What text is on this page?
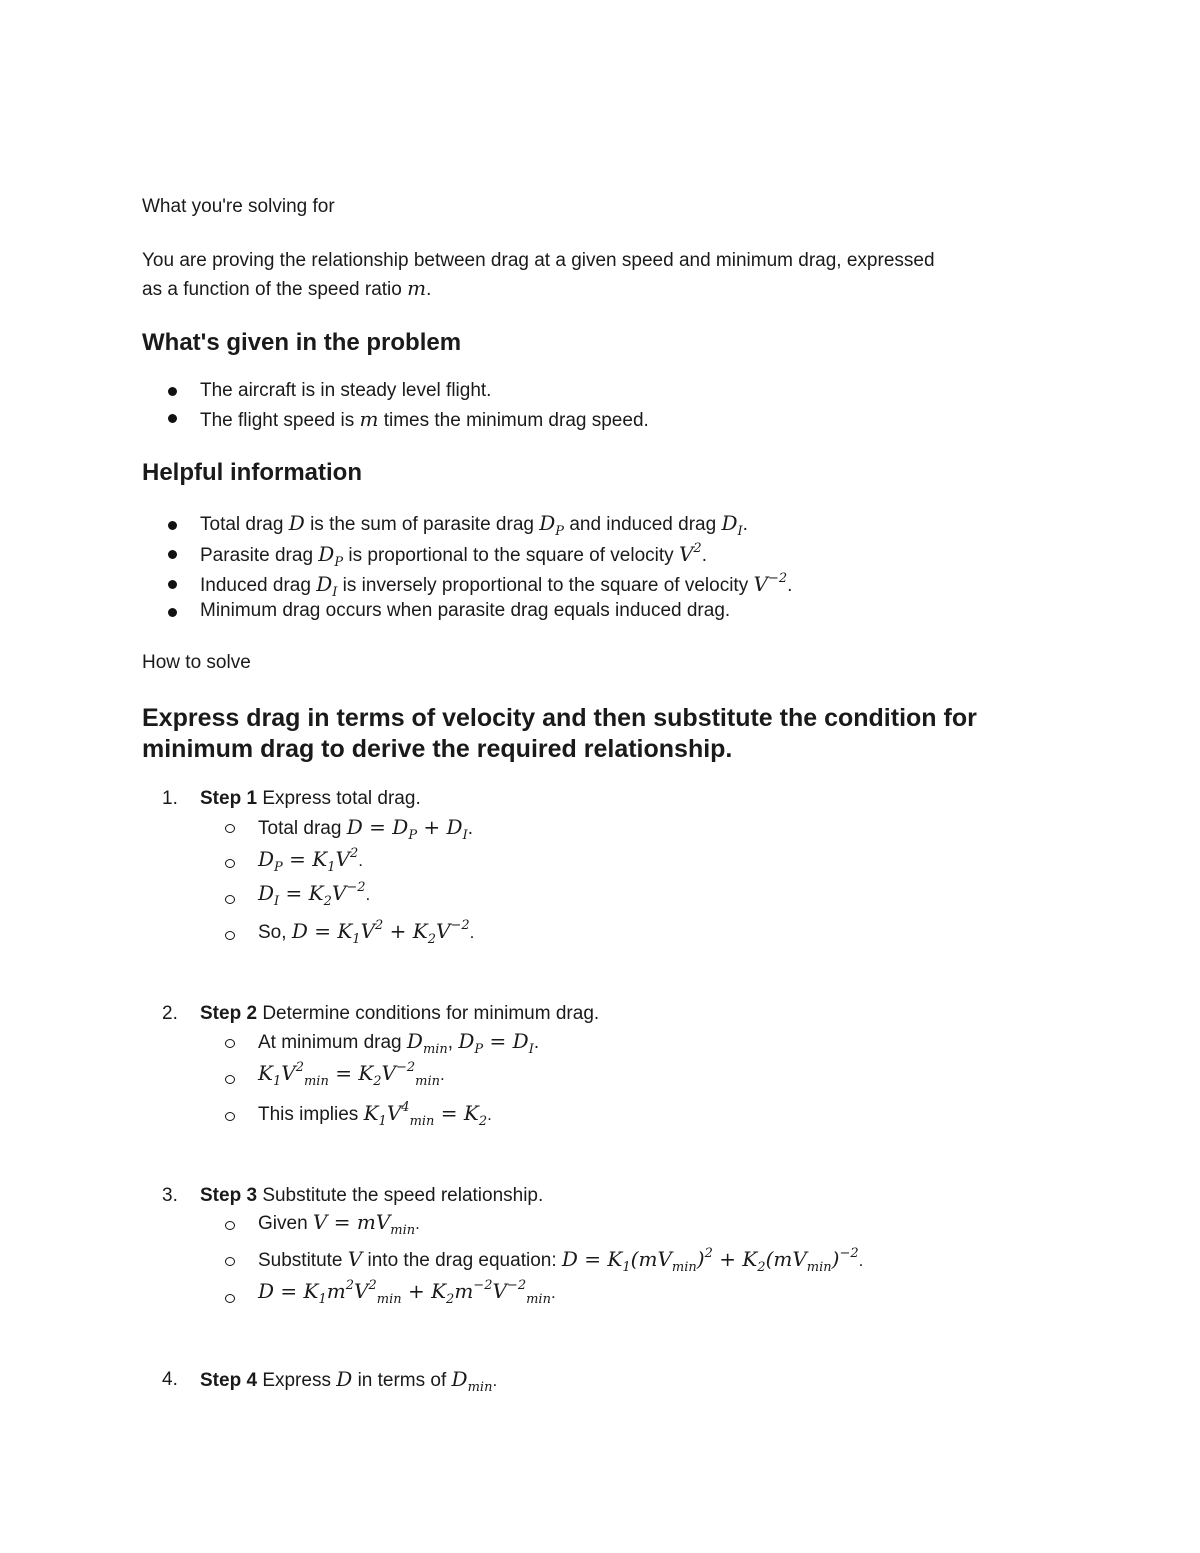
What you're solving for
You are proving the relationship between drag at a given speed and minimum drag, expressed
as a function of the speed ratio m.
What's given in the problem
The aircraft is in steady level flight.
The flight speed is m times the minimum drag speed.
Helpful information
Total drag D is the sum of parasite drag $D_P$ and induced drag $D_I$.
Parasite drag $D_P$ is proportional to the square of velocity $V^2$.
Induced drag $D_I$ is inversely proportional to the square of velocity $V^{-2}$.
Minimum drag occurs when parasite drag equals induced drag.
How to solve
Express drag in terms of velocity and then substitute the condition for minimum drag to derive the required relationship.
1. Step 1 Express total drag.
Total drag $D = D_P + D_I$.
$D_P = K_1V^2$.
$D_I = K_2V^{-2}$.
So, $D = K_1V^2 + K_2V^{-2}$.
2. Step 2 Determine conditions for minimum drag.
At minimum drag $D_{min}$, $D_P = D_I$.
$K_1V^2_{min} = K_2V^{-2}_{min}$.
This implies $K_1V^4_{min} = K_2$.
3. Step 3 Substitute the speed relationship.
Given $V = mV_{min}$.
Substitute V into the drag equation: $D = K_1(mV_{min})^2 + K_2(mV_{min})^{-2}$.
$D = K_1m^2V^2_{min} + K_2m^{-2}V^{-2}_{min}$.
4. Step 4 Express D in terms of $D_{min}$.
